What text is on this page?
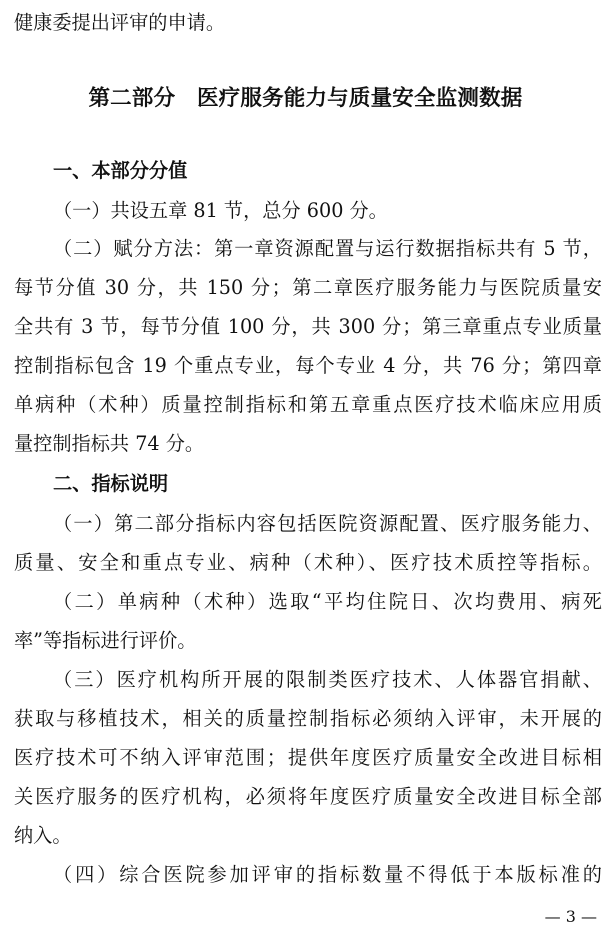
健康委提出评审的申请。
第二部分　医疗服务能力与质量安全监测数据
一、本部分分值
（一）共设五章 81 节，总分 600 分。
（二）赋分方法：第一章资源配置与运行数据指标共有 5 节，
每节分值 30 分，共 150 分；第二章医疗服务能力与医院质量安
全共有 3 节，每节分值 100 分，共 300 分；第三章重点专业质量
控制指标包含 19 个重点专业，每个专业 4 分，共 76 分；第四章
单病种（术种）质量控制指标和第五章重点医疗技术临床应用质
量控制指标共 74 分。
二、指标说明
（一）第二部分指标内容包括医院资源配置、医疗服务能力、
质量、安全和重点专业、病种（术种）、医疗技术质控等指标。
（二）单病种（术种）选取“平均住院日、次均费用、病死
率”等指标进行评价。
（三）医疗机构所开展的限制类医疗技术、人体器官捐献、
获取与移植技术，相关的质量控制指标必须纳入评审，未开展的
医疗技术可不纳入评审范围；提供年度医疗质量安全改进目标相
关医疗服务的医疗机构，必须将年度医疗质量安全改进目标全部
纳入。
（四）综合医院参加评审的指标数量不得低于本版标准的
— 3 —
